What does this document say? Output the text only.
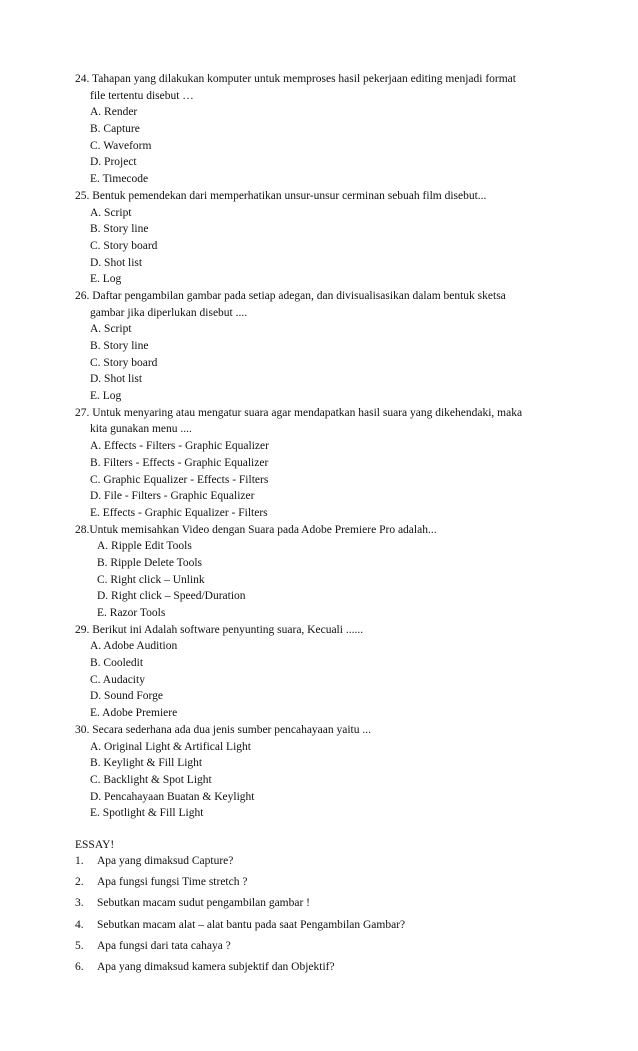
24. Tahapan yang dilakukan komputer untuk memproses hasil pekerjaan editing menjadi format
file tertentu disebut …
A. Render
B. Capture
C. Waveform
D. Project
E. Timecode
25. Bentuk pemendekan dari memperhatikan unsur-unsur cerminan sebuah film disebut...
A. Script
B. Story line
C. Story board
D. Shot list
E. Log
26. Daftar pengambilan gambar pada setiap adegan, dan divisualisasikan dalam bentuk sketsa
gambar jika diperlukan disebut ....
A. Script
B. Story line
C. Story board
D. Shot list
E. Log
27. Untuk menyaring atau mengatur suara agar mendapatkan hasil suara yang dikehendaki, maka
kita gunakan menu ....
A. Effects - Filters - Graphic Equalizer
B. Filters - Effects - Graphic Equalizer
C. Graphic Equalizer - Effects - Filters
D. File - Filters - Graphic Equalizer
E. Effects - Graphic Equalizer - Filters
28.Untuk memisahkan Video dengan Suara pada Adobe Premiere Pro adalah...
A. Ripple Edit Tools
B. Ripple Delete Tools
C. Right click – Unlink
D. Right click – Speed/Duration
E. Razor Tools
29. Berikut ini Adalah software penyunting suara, Kecuali ......
A. Adobe Audition
B. Cooledit
C. Audacity
D. Sound Forge
E. Adobe Premiere
30. Secara sederhana ada dua jenis sumber pencahayaan yaitu ...
A. Original Light & Artifical Light
B. Keylight & Fill Light
C. Backlight & Spot Light
D. Pencahayaan Buatan & Keylight
E. Spotlight & Fill Light
ESSAY!
1.	Apa yang dimaksud Capture?
2.	Apa fungsi fungsi Time stretch ?
3.	Sebutkan macam sudut pengambilan gambar !
4.	Sebutkan macam alat – alat bantu pada saat Pengambilan Gambar?
5.	Apa fungsi dari tata cahaya ?
6.	Apa yang dimaksud kamera subjektif dan Objektif?
